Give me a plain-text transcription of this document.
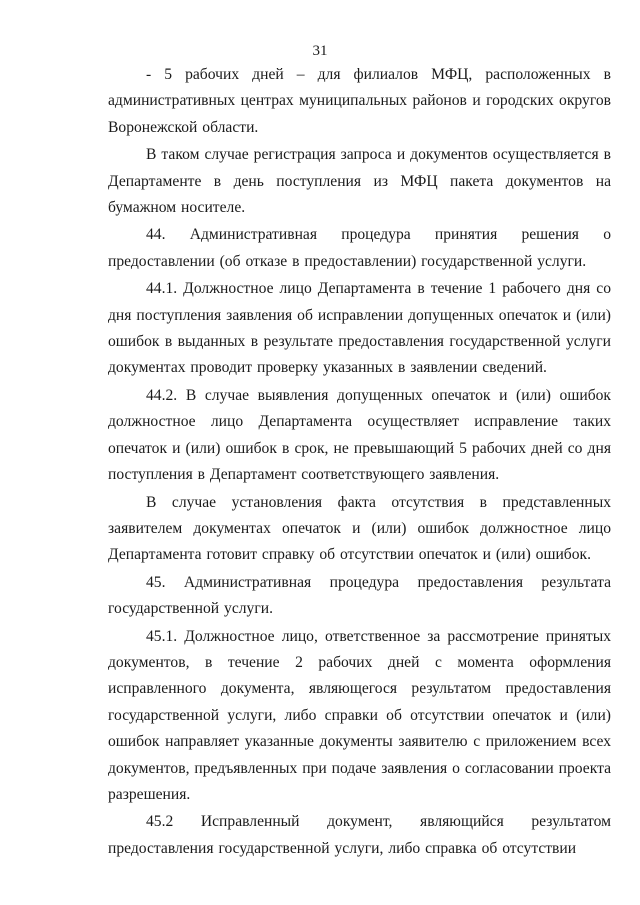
31

- 5 рабочих дней – для филиалов МФЦ, расположенных в административных центрах муниципальных районов и городских округов Воронежской области.

В таком случае регистрация запроса и документов осуществляется в Департаменте в день поступления из МФЦ пакета документов на бумажном носителе.

44. Административная процедура принятия решения о предоставлении (об отказе в предоставлении) государственной услуги.

44.1. Должностное лицо Департамента в течение 1 рабочего дня со дня поступления заявления об исправлении допущенных опечаток и (или) ошибок в выданных в результате предоставления государственной услуги документах проводит проверку указанных в заявлении сведений.

44.2. В случае выявления допущенных опечаток и (или) ошибок должностное лицо Департамента осуществляет исправление таких опечаток и (или) ошибок в срок, не превышающий 5 рабочих дней со дня поступления в Департамент соответствующего заявления.

В случае установления факта отсутствия в представленных заявителем документах опечаток и (или) ошибок должностное лицо Департамента готовит справку об отсутствии опечаток и (или) ошибок.

45. Административная процедура предоставления результата государственной услуги.

45.1. Должностное лицо, ответственное за рассмотрение принятых документов, в течение 2 рабочих дней с момента оформления исправленного документа, являющегося результатом предоставления государственной услуги, либо справки об отсутствии опечаток и (или) ошибок направляет указанные документы заявителю с приложением всех документов, предъявленных при подаче заявления о согласовании проекта разрешения.

45.2 Исправленный документ, являющийся результатом предоставления государственной услуги, либо справка об отсутствии
